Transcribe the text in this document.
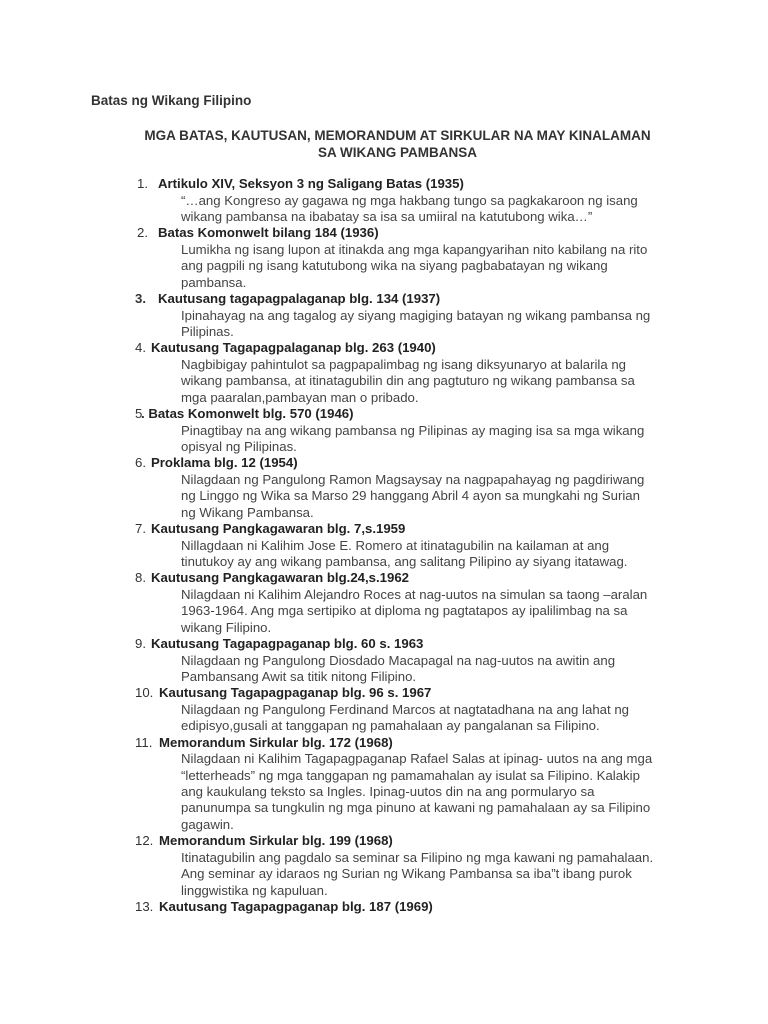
Batas ng Wikang Filipino

MGA BATAS, KAUTUSAN, MEMORANDUM AT SIRKULAR NA MAY KINALAMAN
SA WIKANG PAMBANSA
1. Artikulo XIV, Seksyon 3 ng Saligang Batas (1935)
“…ang Kongreso ay gagawa ng mga hakbang tungo sa pagkakaroon ng isang
wikang pambansa na ibabatay sa isa sa umiiral na katutubong wika…”
2. Batas Komonwelt bilang 184 (1936)
Lumikha ng isang lupon at itinakda ang mga kapangyarihan nito kabilang na rito
ang pagpili ng isang katutubong wika na siyang pagbabatayan ng wikang
pambansa.
3. Kautusang tagapagpalaganap blg. 134 (1937)
Ipinahayag na ang tagalog ay siyang magiging batayan ng wikang pambansa ng
Pilipinas.
4. Kautusang Tagapagpalaganap blg. 263 (1940)
Nagbibigay pahintulot sa pagpapalimbag ng isang diksyunaryo at balarila ng
wikang pambansa, at itinatagubilin din ang pagtuturo ng wikang pambansa sa
mga paaralan,pambayan man o pribado.
5
. Batas Komonwelt blg. 570 (1946)
Pinagtibay na ang wikang pambansa ng Pilipinas ay maging isa sa mga wikang
opisyal ng Pilipinas.
6. Proklama blg. 12 (1954)
Nilagdaan ng Pangulong Ramon Magsaysay na nagpapahayag ng pagdiriwang
ng Linggo ng Wika sa Marso 29 hanggang Abril 4 ayon sa mungkahi ng Surian
ng Wikang Pambansa.
7. Kautusang Pangkagawaran blg. 7,s.1959
Nillagdaan ni Kalihim Jose E. Romero at itinatagubilin na kailaman at ang
tinutukoy ay ang wikang pambansa, ang salitang Pilipino ay siyang itatawag.
8. Kautusang Pangkagawaran blg.24,s.1962
Nilagdaan ni Kalihim Alejandro Roces at nag-uutos na simulan sa taong –aralan
1963-1964. Ang mga sertipiko at diploma ng pagtatapos ay ipalilimbag na sa
wikang Filipino.
9. Kautusang Tagapagpaganap blg. 60 s. 1963
Nilagdaan ng Pangulong Diosdado Macapagal na nag-uutos na awitin ang
Pambansang Awit sa titik nitong Filipino.
10. Kautusang Tagapagpaganap blg. 96 s. 1967
Nilagdaan ng Pangulong Ferdinand Marcos at nagtatadhana na ang lahat ng
edipisyo,gusali at tanggapan ng pamahalaan ay pangalanan sa Filipino.
11. Memorandum Sirkular blg. 172 (1968)
Nilagdaan ni Kalihim Tagapagpaganap Rafael Salas at ipinag- uutos na ang mga
“letterheads” ng mga tanggapan ng pamamahalan ay isulat sa Filipino. Kalakip
ang kaukulang teksto sa Ingles. Ipinag-uutos din na ang pormularyo sa
panunumpa sa tungkulin ng mga pinuno at kawani ng pamahalaan ay sa Filipino
gagawin.
12. Memorandum Sirkular blg. 199 (1968)
Itinatagubilin ang pagdalo sa seminar sa Filipino ng mga kawani ng pamahalaan.
Ang seminar ay idaraos ng Surian ng Wikang Pambansa sa iba”t ibang purok
linggwistika ng kapuluan.
13. Kautusang Tagapagpaganap blg. 187 (1969)
